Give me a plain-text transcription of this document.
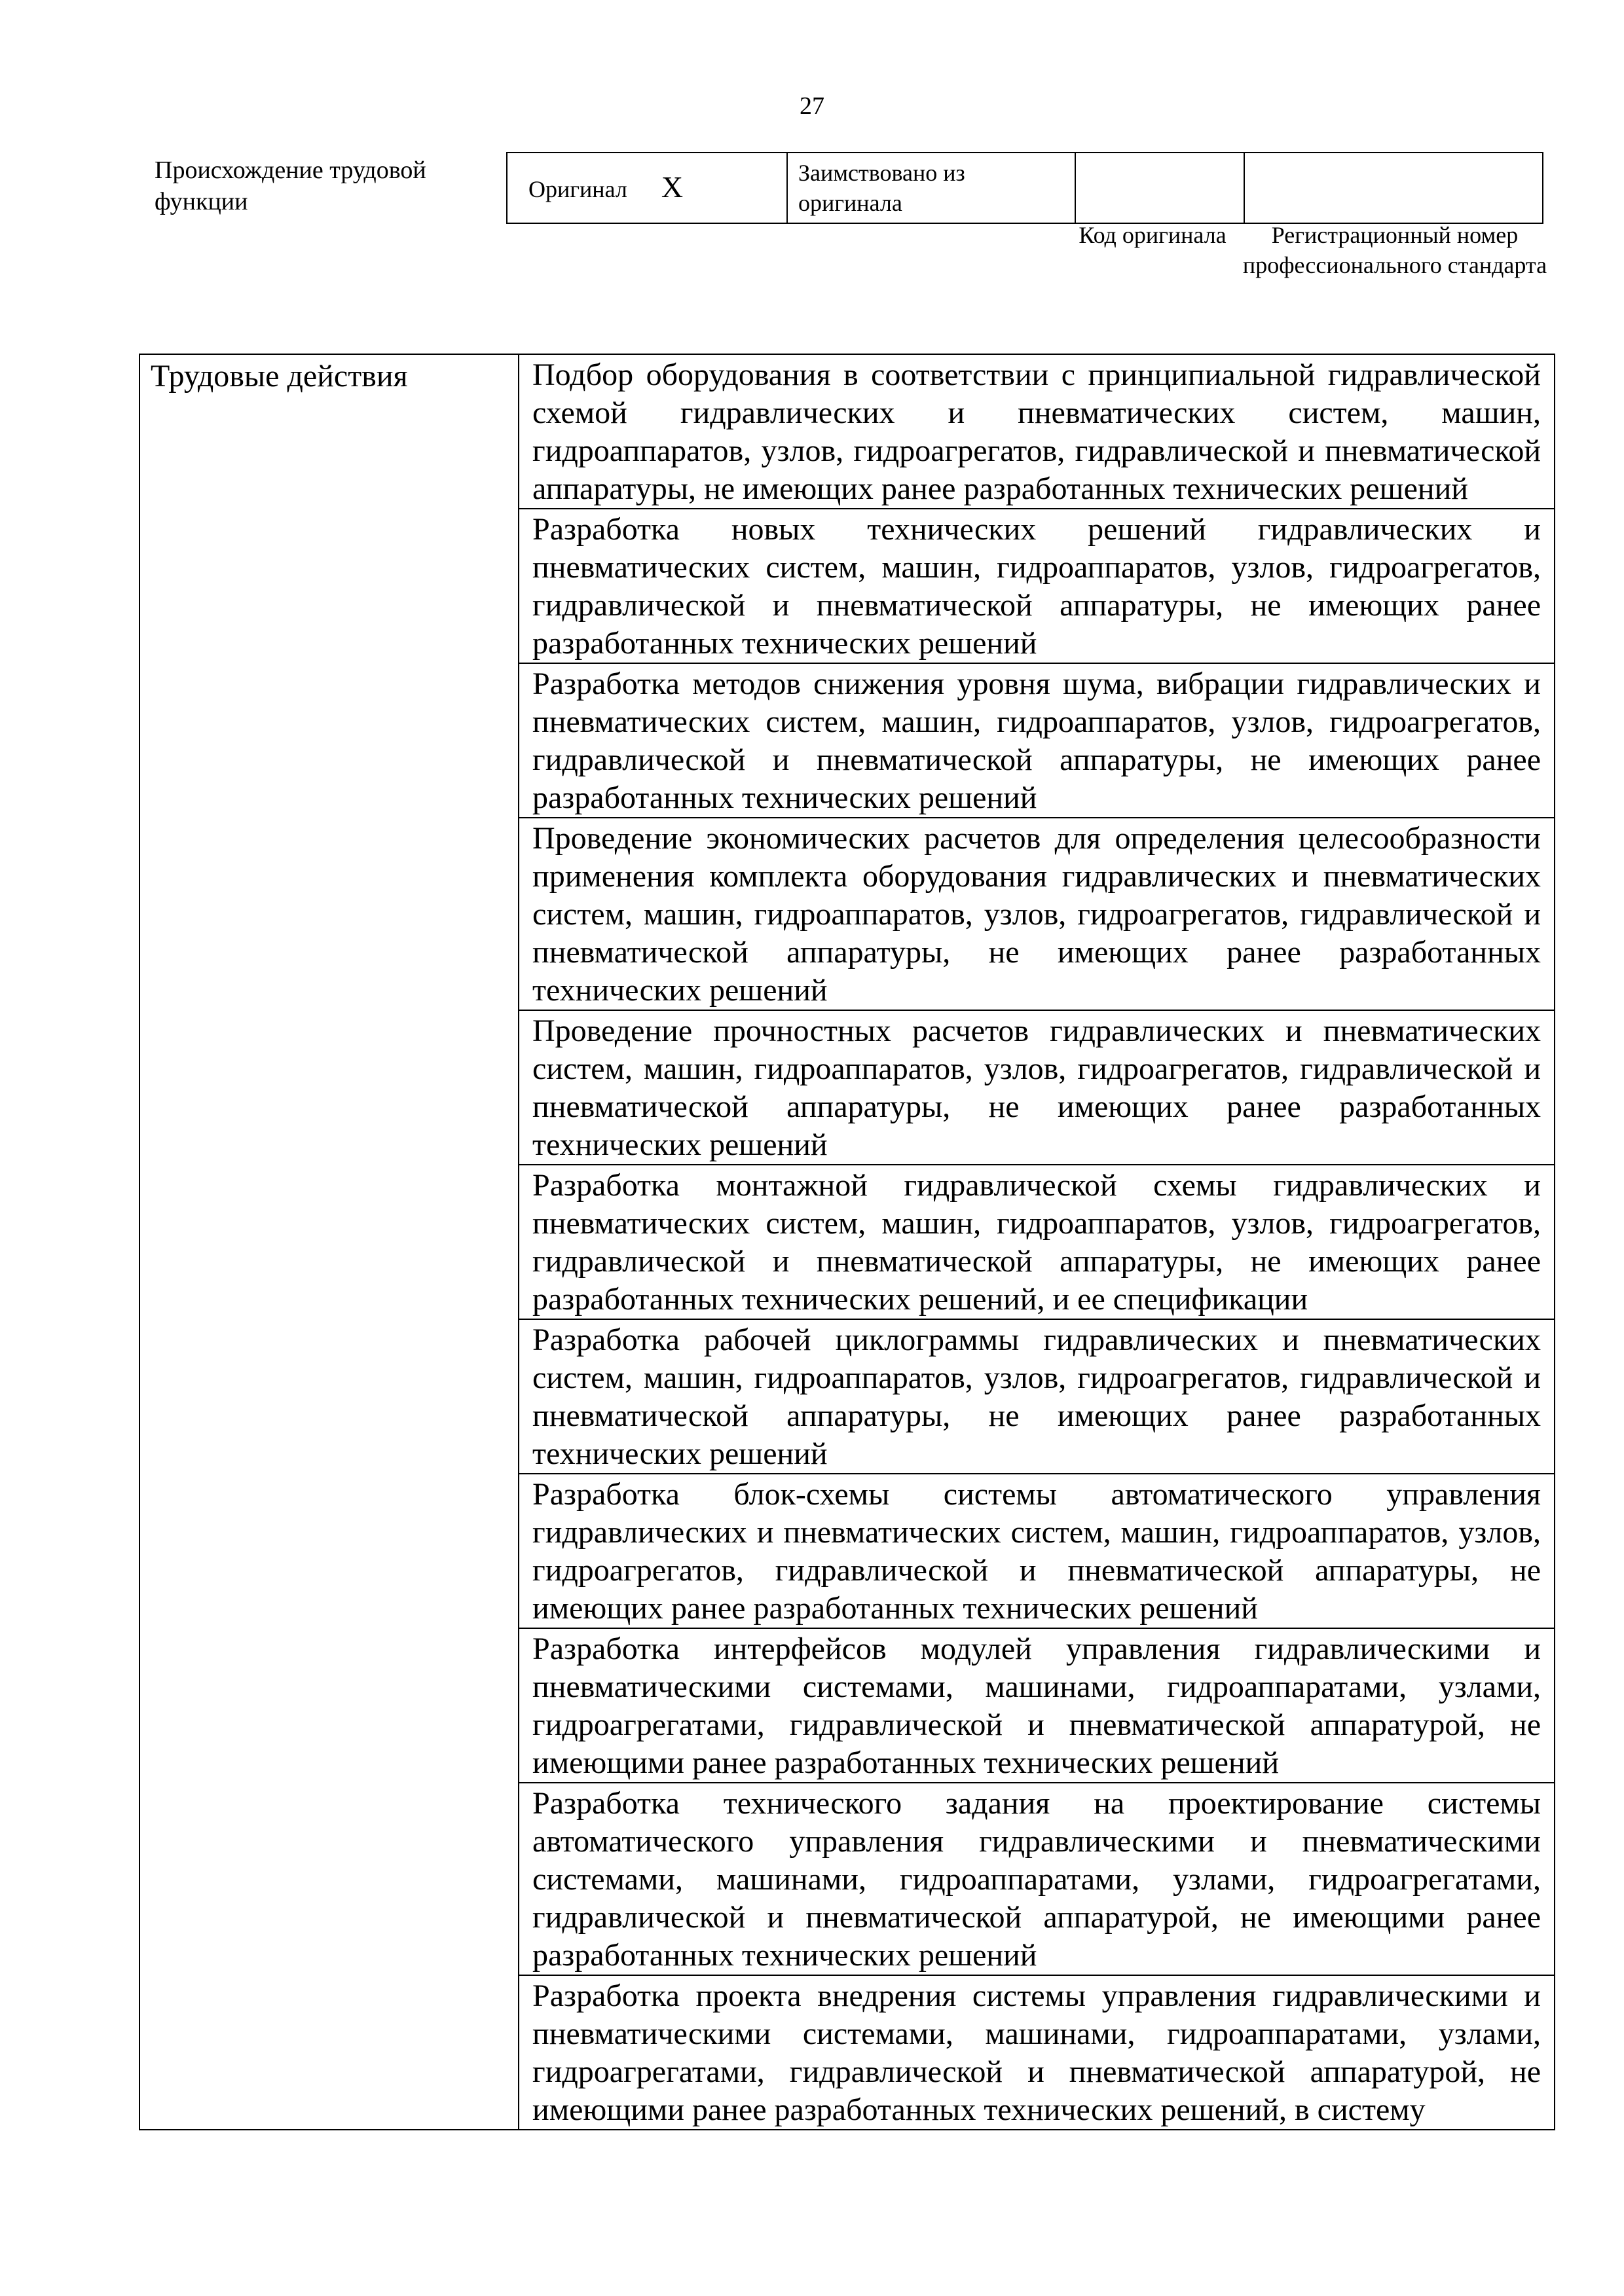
27
Происхождение трудовой функции	Оригинал X	Заимствовано из оригинала		
Код оригинала	Регистрационный номер профессионального стандарта
Трудовые действия	Подбор оборудования в соответствии с принципиальной гидравлической схемой гидравлических и пневматических систем, машин, гидроаппаратов, узлов, гидроагрегатов, гидравлической и пневматической аппаратуры, не имеющих ранее разработанных технических решений
Разработка новых технических решений гидравлических и пневматических систем, машин, гидроаппаратов, узлов, гидроагрегатов, гидравлической и пневматической аппаратуры, не имеющих ранее разработанных технических решений
Разработка методов снижения уровня шума, вибрации гидравлических и пневматических систем, машин, гидроаппаратов, узлов, гидроагрегатов, гидравлической и пневматической аппаратуры, не имеющих ранее разработанных технических решений
Проведение экономических расчетов для определения целесообразности применения комплекта оборудования гидравлических и пневматических систем, машин, гидроаппаратов, узлов, гидроагрегатов, гидравлической и пневматической аппаратуры, не имеющих ранее разработанных технических решений
Проведение прочностных расчетов гидравлических и пневматических систем, машин, гидроаппаратов, узлов, гидроагрегатов, гидравлической и пневматической аппаратуры, не имеющих ранее разработанных технических решений
Разработка монтажной гидравлической схемы гидравлических и пневматических систем, машин, гидроаппаратов, узлов, гидроагрегатов, гидравлической и пневматической аппаратуры, не имеющих ранее разработанных технических решений, и ее спецификации
Разработка рабочей циклограммы гидравлических и пневматических систем, машин, гидроаппаратов, узлов, гидроагрегатов, гидравлической и пневматической аппаратуры, не имеющих ранее разработанных технических решений
Разработка блок-схемы системы автоматического управления гидравлических и пневматических систем, машин, гидроаппаратов, узлов, гидроагрегатов, гидравлической и пневматической аппаратуры, не имеющих ранее разработанных технических решений
Разработка интерфейсов модулей управления гидравлическими и пневматическими системами, машинами, гидроаппаратами, узлами, гидроагрегатами, гидравлической и пневматической аппаратурой, не имеющими ранее разработанных технических решений
Разработка технического задания на проектирование системы автоматического управления гидравлическими и пневматическими системами, машинами, гидроаппаратами, узлами, гидроагрегатами, гидравлической и пневматической аппаратурой, не имеющими ранее разработанных технических решений
Разработка проекта внедрения системы управления гидравлическими и пневматическими системами, машинами, гидроаппаратами, узлами, гидроагрегатами, гидравлической и пневматической аппаратурой, не имеющими ранее разработанных технических решений, в систему
